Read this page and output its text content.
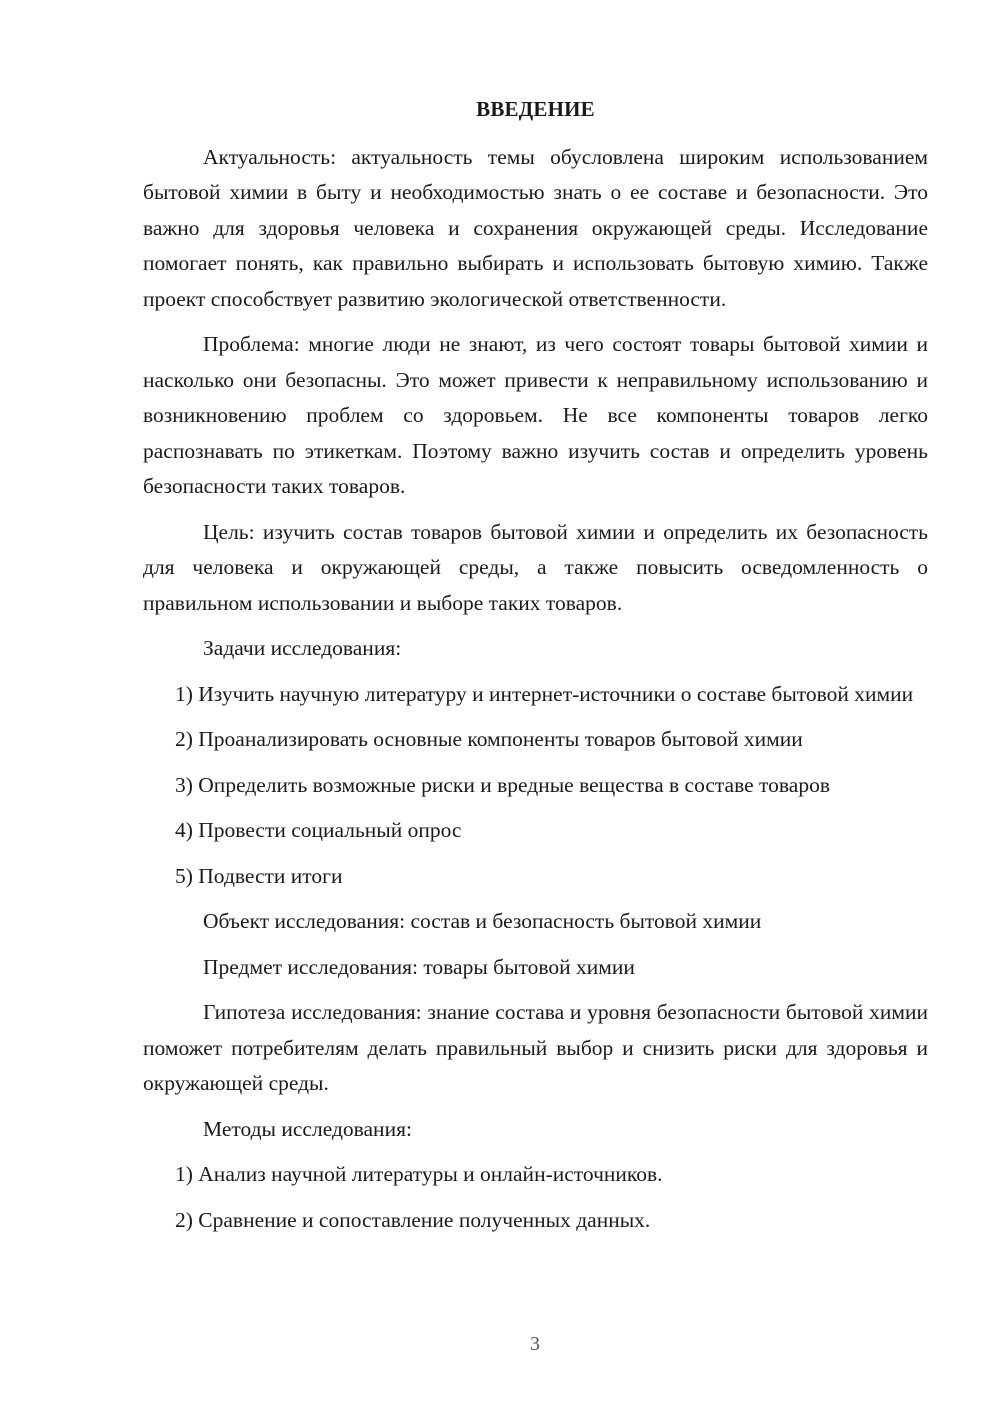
ВВЕДЕНИЕ

Актуальность: актуальность темы обусловлена широким использованием бытовой химии в быту и необходимостью знать о ее составе и безопасности. Это важно для здоровья человека и сохранения окружающей среды. Исследование помогает понять, как правильно выбирать и использовать бытовую химию. Также проект способствует развитию экологической ответственности.

Проблема: многие люди не знают, из чего состоят товары бытовой химии и насколько они безопасны. Это может привести к неправильному использованию и возникновению проблем со здоровьем. Не все компоненты товаров легко распознавать по этикеткам. Поэтому важно изучить состав и определить уровень безопасности таких товаров.

Цель: изучить состав товаров бытовой химии и определить их безопасность для человека и окружающей среды, а также повысить осведомленность о правильном использовании и выборе таких товаров.

Задачи исследования:

1) Изучить научную литературу и интернет-источники о составе бытовой химии

2) Проанализировать основные компоненты товаров бытовой химии

3) Определить возможные риски и вредные вещества в составе товаров

4) Провести социальный опрос

5) Подвести итоги

Объект исследования: состав и безопасность бытовой химии

Предмет исследования: товары бытовой химии

Гипотеза исследования: знание состава и уровня безопасности бытовой химии поможет потребителям делать правильный выбор и снизить риски для здоровья и окружающей среды.

Методы исследования:

1) Анализ научной литературы и онлайн-источников.

2) Сравнение и сопоставление полученных данных.

3
